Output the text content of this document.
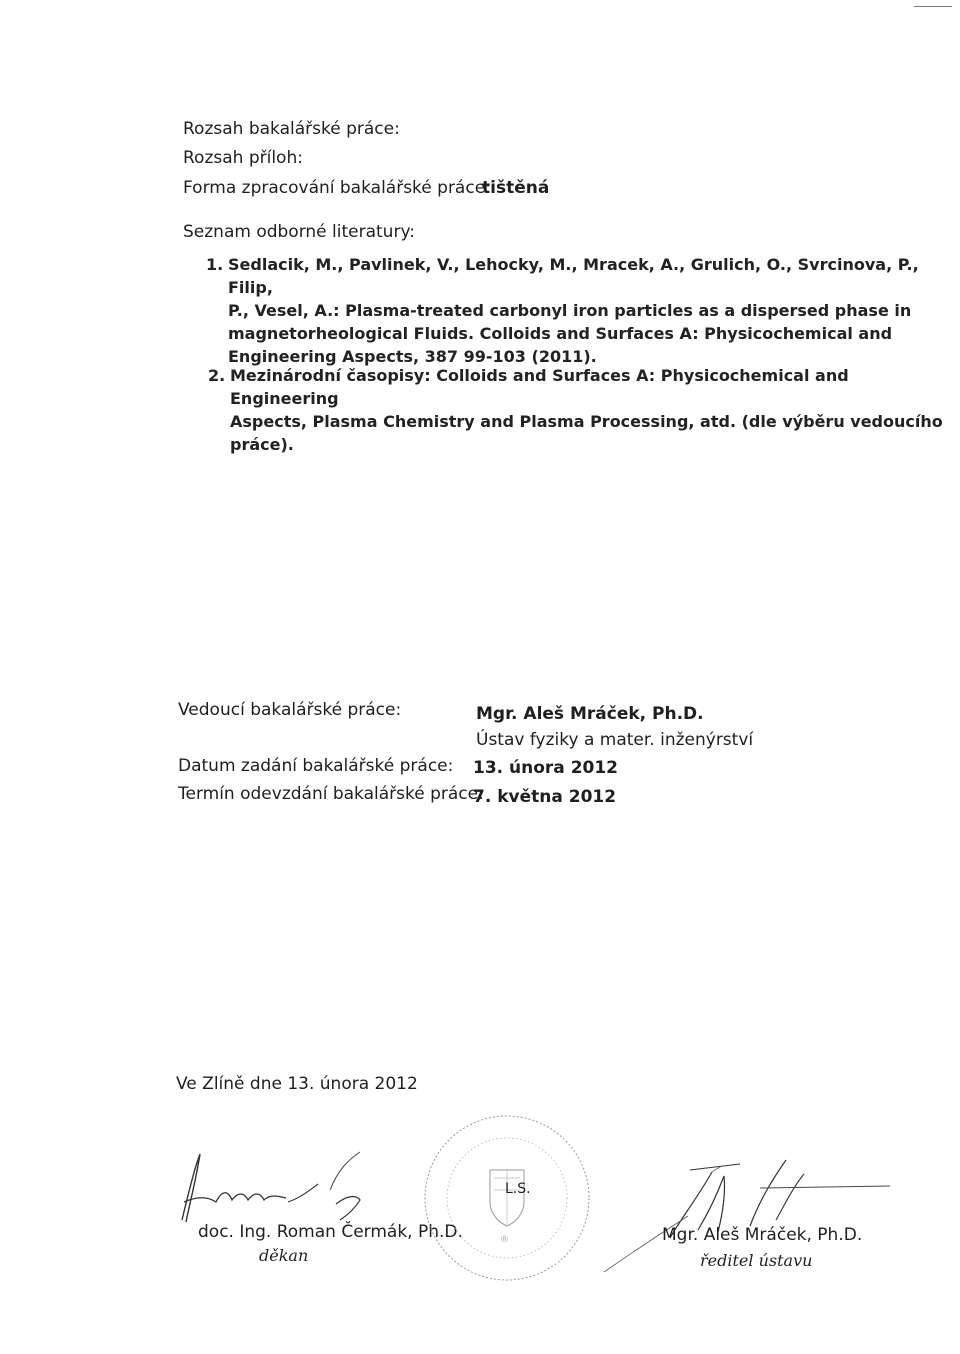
Rozsah bakalářské práce:
Rozsah příloh:
Forma zpracování bakalářské práce:
tištěná
Seznam odborné literatury:
1. Sedlacik, M., Pavlinek, V., Lehocky, M., Mracek, A., Grulich, O., Svrcinova, P., Filip,
P., Vesel, A.: Plasma-treated carbonyl iron particles as a dispersed phase in
magnetorheological Fluids. Colloids and Surfaces A: Physicochemical and
Engineering Aspects, 387 99-103 (2011).
2. Mezinárodní časopisy: Colloids and Surfaces A: Physicochemical and Engineering
Aspects, Plasma Chemistry and Plasma Processing, atd. (dle výběru vedoucího
práce).
Vedoucí bakalářské práce:	Mgr. Aleš Mráček, Ph.D.
Ústav fyziky a mater. inženýrství
Datum zadání bakalářské práce: 13. února 2012
Termín odevzdání bakalářské práce:
7. května 2012
Ve Zlíně dne 13. února 2012
doc. Ing. Roman Čermák, Ph.D.
děkan
®
L.S.
Mgr. Aleš Mráček, Ph.D.
ředitel ústavu
